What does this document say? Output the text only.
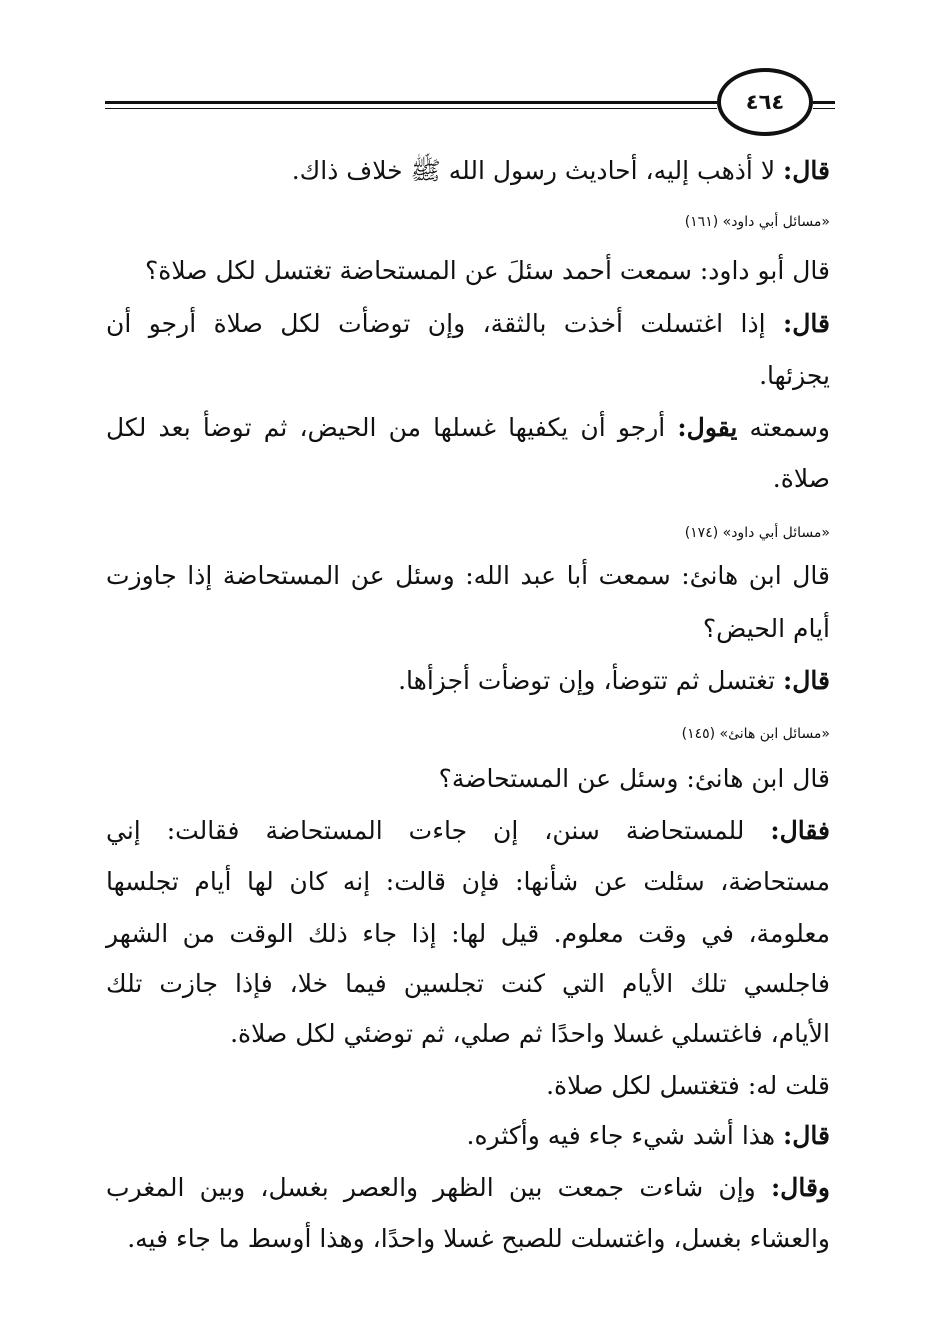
٤٦٤
قال: لا أذهب إليه، أحاديث رسول الله ﷺ خلاف ذاك.
«مسائل أبي داود» (١٦١)
قال أبو داود: سمعت أحمد سئلَ عن المستحاضة تغتسل لكل صلاة؟
قال: إذا اغتسلت أخذت بالثقة، وإن توضأت لكل صلاة أرجو أن
يجزئها.
وسمعته يقول: أرجو أن يكفيها غسلها من الحيض، ثم توضأ بعد لكل
صلاة.
«مسائل أبي داود» (١٧٤)
قال ابن هانئ: سمعت أبا عبد الله: وسئل عن المستحاضة إذا جاوزت
أيام الحيض؟
قال: تغتسل ثم تتوضأ، وإن توضأت أجزأها.
«مسائل ابن هانئ» (١٤٥)
قال ابن هانئ: وسئل عن المستحاضة؟
فقال: للمستحاضة سنن، إن جاءت المستحاضة فقالت: إني
مستحاضة، سئلت عن شأنها: فإن قالت: إنه كان لها أيام تجلسها
معلومة، في وقت معلوم. قيل لها: إذا جاء ذلك الوقت من الشهر
فاجلسي تلك الأيام التي كنت تجلسين فيما خلا، فإذا جازت تلك
الأيام، فاغتسلي غسلا واحدًا ثم صلي، ثم توضئي لكل صلاة.
قلت له: فتغتسل لكل صلاة.
قال: هذا أشد شيء جاء فيه وأكثره.
وقال: وإن شاءت جمعت بين الظهر والعصر بغسل، وبين المغرب
والعشاء بغسل، واغتسلت للصبح غسلا واحدًا، وهذا أوسط ما جاء فيه.
